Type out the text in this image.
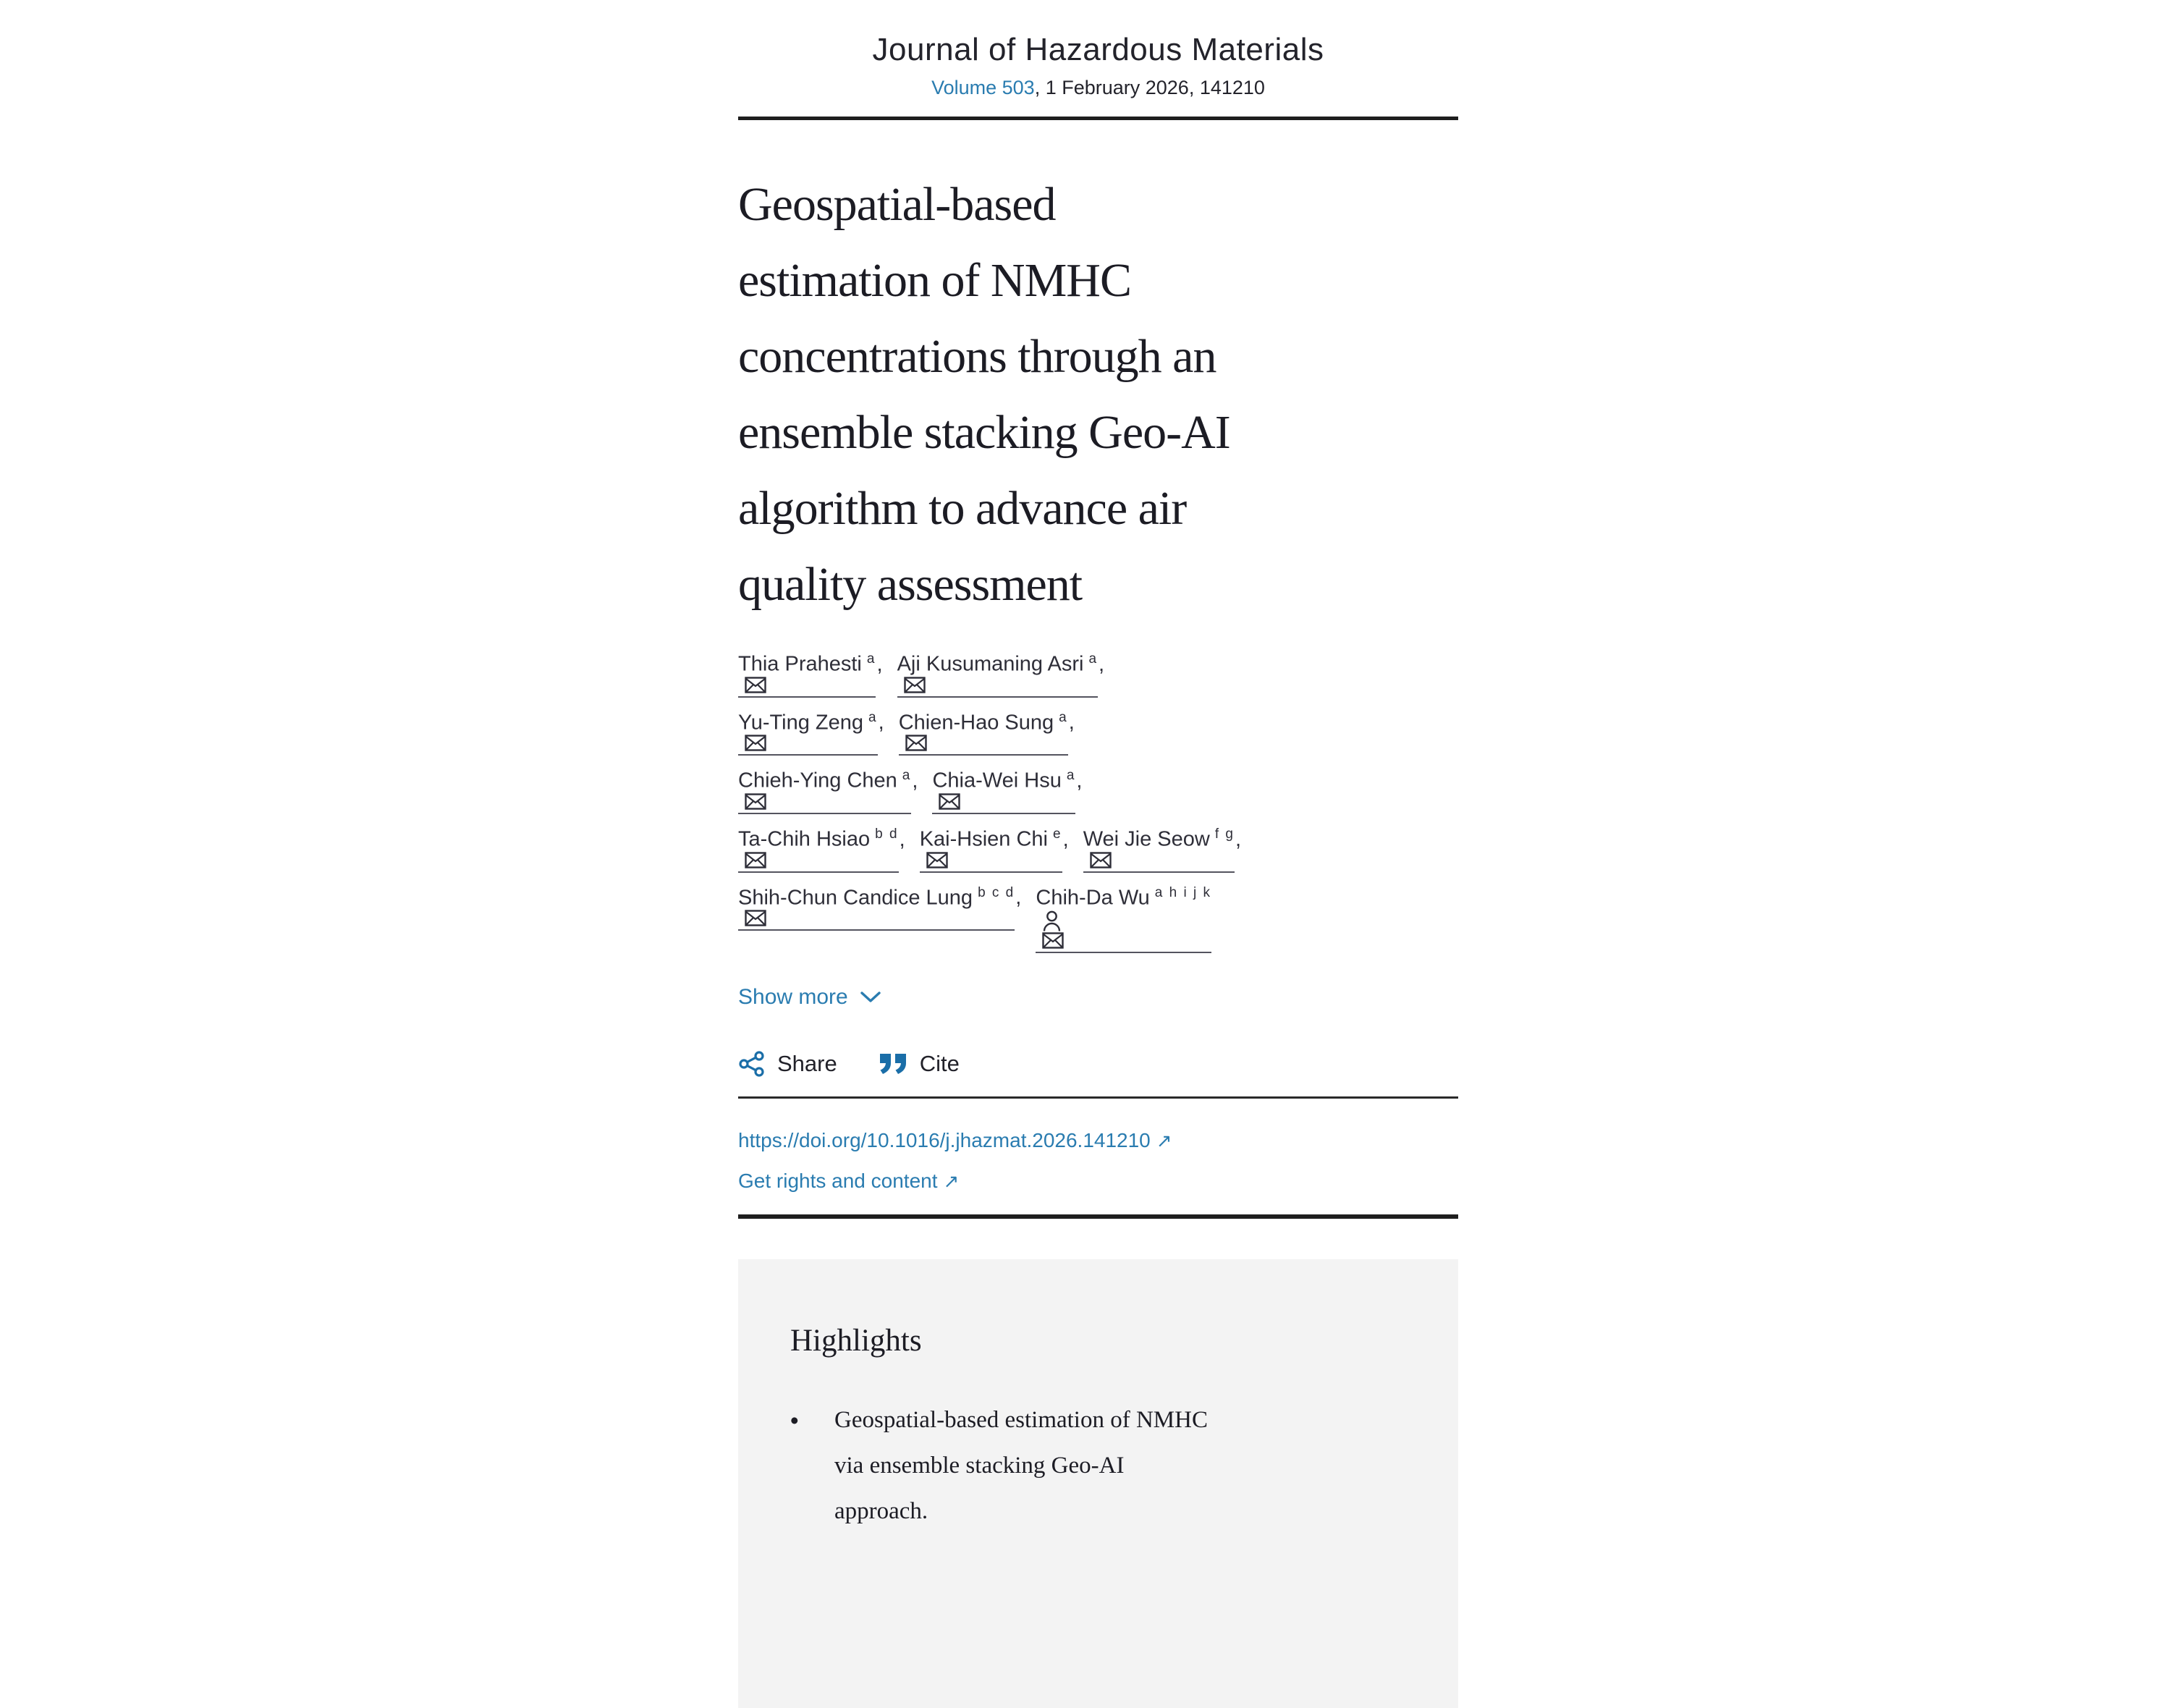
Journal of Hazardous Materials
Volume 503, 1 February 2026, 141210
Geospatial-based
estimation of NMHC
concentrations through an
ensemble stacking Geo-AI
algorithm to advance air
quality assessment
Thia Prahesti $^a$
, Aji Kusumaning Asri $^a$
,
Yu-Ting Zeng $^a$
, Chien-Hao Sung $^a$
,
Chieh-Ying Chen $^a$
, Chia-Wei Hsu $^a$
,
Ta-Chih Hsiao $^{b d}$
, Kai-Hsien Chi $^e$
, Wei Jie Seow $^{f g}$
,
Shih-Chun Candice Lung $^{b c d}$
, Chih-Da Wu $^{a h i j k}$
Show more
Share	Cite
https://doi.org/10.1016/j.jhazmat.2026.141210 ↗
Get rights and content ↗
Highlights
•	Geospatial-based estimation of NMHC
via ensemble stacking Geo-AI
approach.
